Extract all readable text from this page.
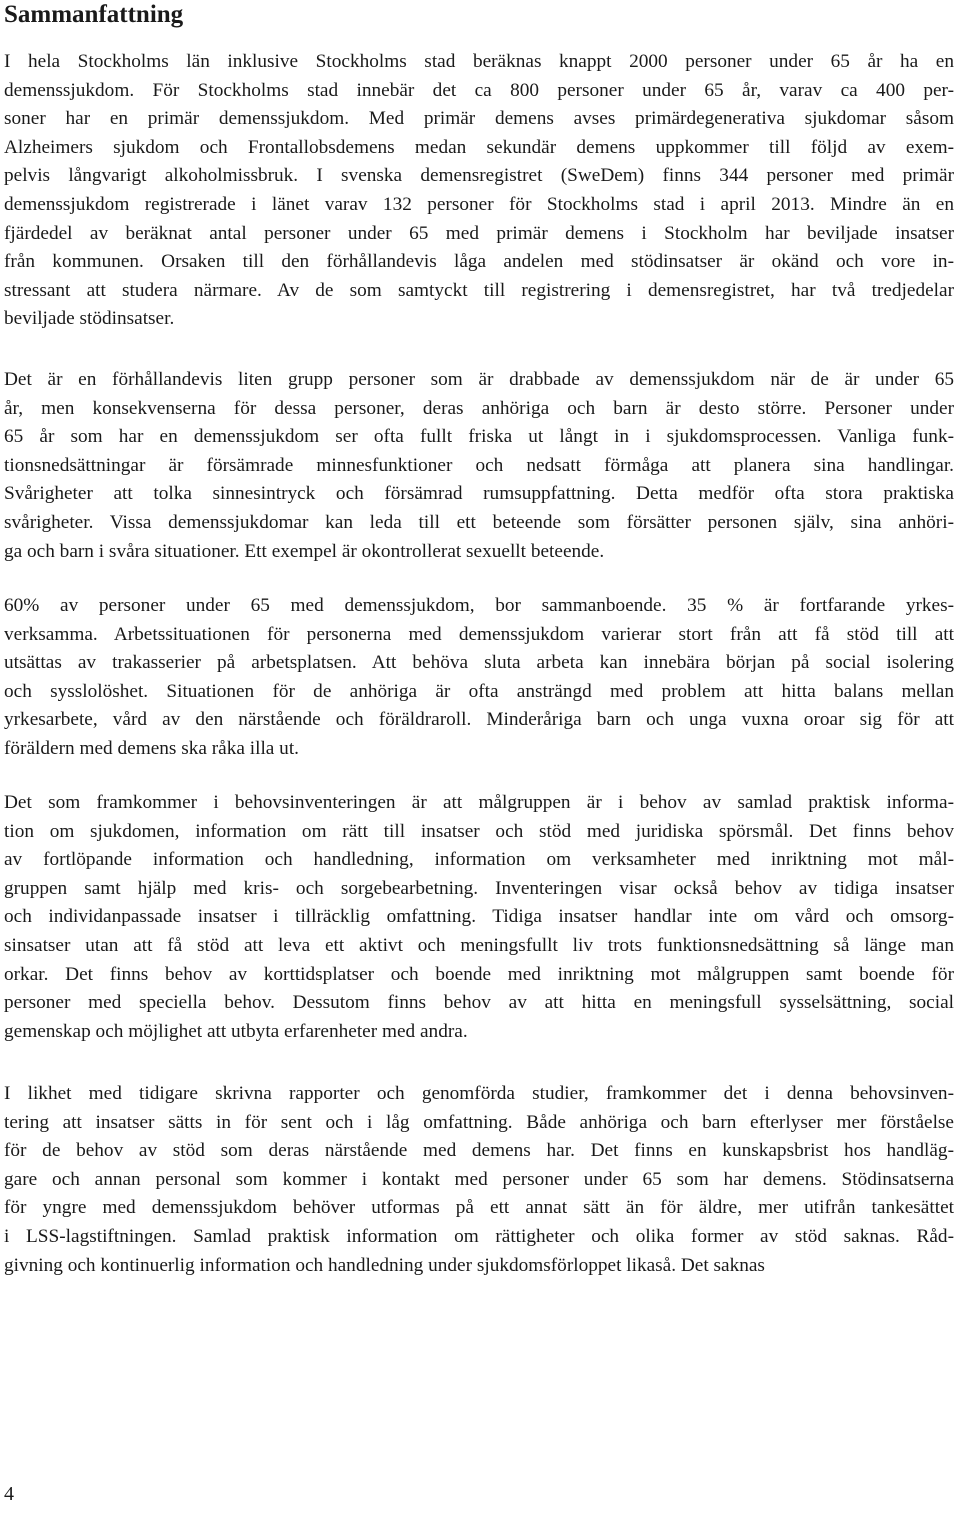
Sammanfattning

I hela Stockholms län inklusive Stockholms stad beräknas knappt 2000 personer under 65 år ha en
demenssjukdom. För Stockholms stad innebär det ca 800 personer under 65 år, varav ca 400 per-
soner har en primär demenssjukdom. Med primär demens avses primärdegenerativa sjukdomar såsom
Alzheimers sjukdom och Frontallobsdemens medan sekundär demens uppkommer till följd av exem-
pelvis långvarigt alkoholmissbruk. I svenska demensregistret (SweDem) finns 344 personer med primär
demenssjukdom registrerade i länet varav 132 personer för Stockholms stad i april 2013. Mindre än en
fjärdedel av beräknat antal personer under 65 med primär demens i Stockholm har beviljade insatser
från kommunen. Orsaken till den förhållandevis låga andelen med stödinsatser är okänd och vore in-
stressant att studera närmare. Av de som samtyckt till registrering i demensregistret, har två tredjedelar
beviljade stödinsatser.

Det är en förhållandevis liten grupp personer som är drabbade av demenssjukdom när de är under 65
år, men konsekvenserna för dessa personer, deras anhöriga och barn är desto större. Personer under
65 år som har en demenssjukdom ser ofta fullt friska ut långt in i sjukdomsprocessen. Vanliga funk-
tionsnedsättningar är försämrade minnesfunktioner och nedsatt förmåga att planera sina handlingar.
Svårigheter att tolka sinnesintryck och försämrad rumsuppfattning. Detta medför ofta stora praktiska
svårigheter. Vissa demenssjukdomar kan leda till ett beteende som försätter personen själv, sina anhöri-
ga och barn i svåra situationer. Ett exempel är okontrollerat sexuellt beteende.

60% av personer under 65 med demenssjukdom, bor sammanboende. 35 % är fortfarande yrkes-
verksamma. Arbetssituationen för personerna med demenssjukdom varierar stort från att få stöd till att
utsättas av trakasserier på arbetsplatsen. Att behöva sluta arbeta kan innebära början på social isolering
och sysslolöshet. Situationen för de anhöriga är ofta ansträngd med problem att hitta balans mellan
yrkesarbete, vård av den närstående och föräldraroll. Minderåriga barn och unga vuxna oroar sig för att
föräldern med demens ska råka illa ut.

Det som framkommer i behovsinventeringen är att målgruppen är i behov av samlad praktisk informa-
tion om sjukdomen, information om rätt till insatser och stöd med juridiska spörsmål. Det finns behov
av fortlöpande information och handledning, information om verksamheter med inriktning mot mål-
gruppen samt hjälp med kris- och sorgebearbetning. Inventeringen visar också behov av tidiga insatser
och individanpassade insatser i tillräcklig omfattning. Tidiga insatser handlar inte om vård och omsorg-
sinsatser utan att få stöd att leva ett aktivt och meningsfullt liv trots funktionsnedsättning så länge man
orkar. Det finns behov av korttidsplatser och boende med inriktning mot målgruppen samt boende för
personer med speciella behov. Dessutom finns behov av att hitta en meningsfull sysselsättning, social
gemenskap och möjlighet att utbyta erfarenheter med andra.

I likhet med tidigare skrivna rapporter och genomförda studier, framkommer det i denna behovsinven-
tering att insatser sätts in för sent och i låg omfattning. Både anhöriga och barn efterlyser mer förståelse
för de behov av stöd som deras närstående med demens har. Det finns en kunskapsbrist hos handläg-
gare och annan personal som kommer i kontakt med personer under 65 som har demens. Stödinsatserna
för yngre med demenssjukdom behöver utformas på ett annat sätt än för äldre, mer utifrån tankesättet
i LSS-lagstiftningen. Samlad praktisk information om rättigheter och olika former av stöd saknas. Råd-
givning och kontinuerlig information och handledning under sjukdomsförloppet likaså. Det saknas

4
